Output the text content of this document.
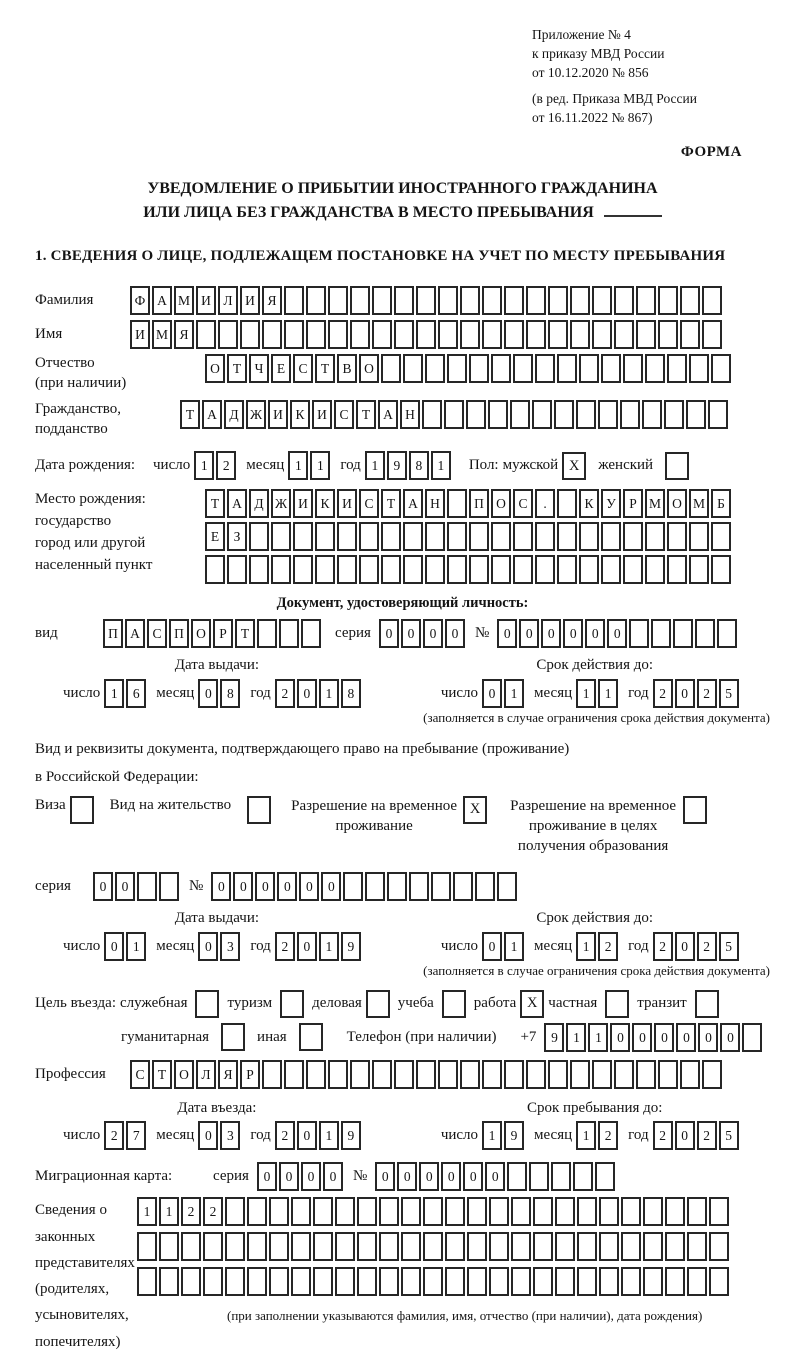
Приложение № 4
к приказу МВД России
от 10.12.2020 № 856
(в ред. Приказа МВД России
от 16.11.2022 № 867)
ФОРМА
УВЕДОМЛЕНИЕ О ПРИБЫТИИ ИНОСТРАННОГО ГРАЖДАНИНА
ИЛИ ЛИЦА БЕЗ ГРАЖДАНСТВА В МЕСТО ПРЕБЫВАНИЯ
1. СВЕДЕНИЯ О ЛИЦЕ, ПОДЛЕЖАЩЕМ ПОСТАНОВКЕ НА УЧЕТ ПО МЕСТУ ПРЕБЫВАНИЯ
Фамилия	Ф А М И Л И Я
Имя	И М Я
Отчество
(при наличии)
О Т Ч Е С Т В О
Гражданство,
подданство
Т А Д Ж И К И С Т А Н
Дата рождения:	число 1	2	месяц 1	1	год 1	9	8	1	Пол: мужской X	женский
Место рождения:
государство
город или другой
населенный пункт
Т А Д Ж И К И С Т А Н	П О С	.	К У Р М О М Б
Е	З
Документ, удостоверяющий личность:
вид	П А С П О Р	Т	серия	0	0	0	0	№	0	0	0	0	0	0
Дата выдачи:
число 1	6	месяц 0	8	год 2	0	1	8
Срок действия до:
число 0	1	месяц 1	1	год 2	0	2	5
(заполняется в случае ограничения срока действия документа)
Вид и реквизиты документа, подтверждающего право на пребывание (проживание)
в Российской Федерации:
Виза	Вид на жительство	Разрешение на временное проживание
X	Разрешение на временное проживание в целях получения образования
серия	0	0	№	0	0	0	0	0	0
Дата выдачи:
число 0	1	месяц 0	3	год 2	0	1	9
Срок действия до:
число 0	1	месяц 1	2	год 2	0	2	5
(заполняется в случае ограничения срока действия документа)
Цель въезда: служебная	туризм	деловая учеба	работа X частная	транзит
гуманитарная	иная	Телефон (при наличии) +7	9	1	1	0	0	0	0	0	0
Профессия	С Т О Л Я	Р
Дата въезда:
число 2	7	месяц 0	3	год 2	0	1	9
Срок пребывания до:
число 1	9	месяц 1	2	год 2	0	2	5
Миграционная карта:	серия	0	0	0	0	№	0	0	0	0	0	0
Сведения о
законных
представителях
(родителях,
усыновителях,
попечителях)
1	1	2	2
(при заполнении указываются фамилия, имя, отчество (при наличии), дата рождения)
